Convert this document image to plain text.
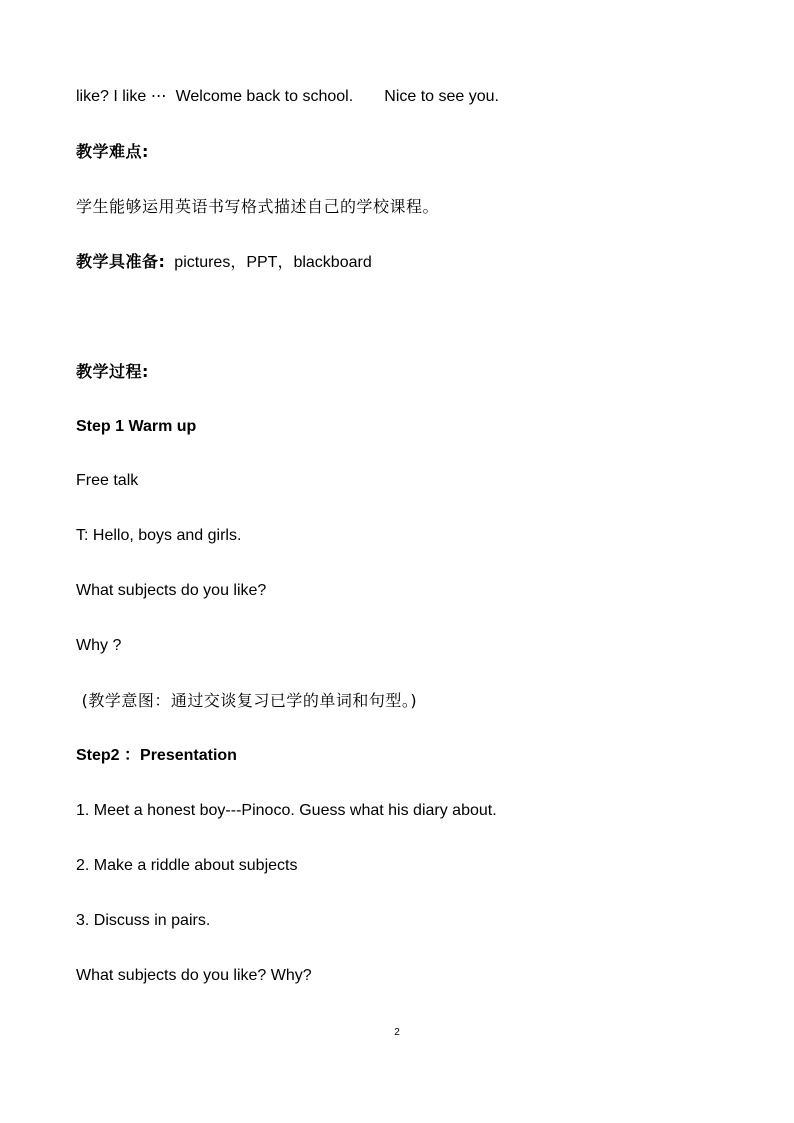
like? I like ⋯  Welcome back to school.       Nice to see you.
教学难点:
学生能够运用英语书写格式描述自己的学校课程。
教学具准备:  pictures，PPT，blackboard
教学过程:
Step 1 Warm up
Free talk
T: Hello, boys and girls.
What subjects do you like?
Why ?
(教学意图：通过交谈复习已学的单词和句型。)
Step2 ：Presentation
1. Meet a honest boy---Pinoco. Guess what his diary about.
2. Make a riddle about subjects
3. Discuss in pairs.
What subjects do you like? Why?
2
